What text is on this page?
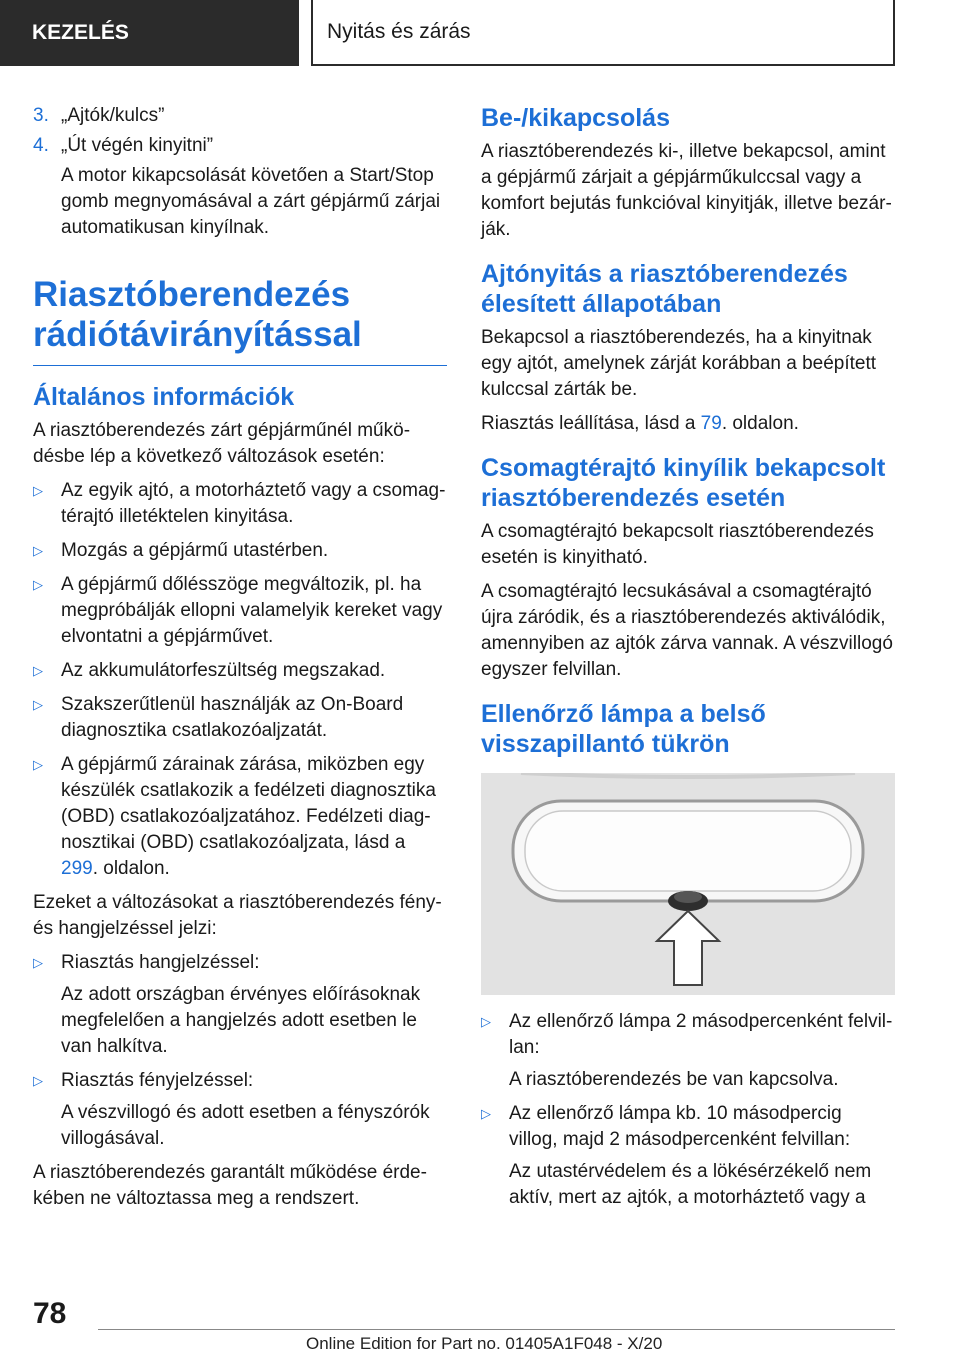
KEZELÉS	Nyitás és zárás
3. „Ajtók/kulcs”
4. „Út végén kinyitni”

A motor kikapcsolását követően a Start/Stop gomb megnyomásával a zárt gépjármű zárjai automatikusan kinyílnak.

Riasztóberendezés rádiótávirányítással
Általános információk

A riasztóberendezés zárt gépjárműnél működésbe lép a következő változások esetén:

▷ Az egyik ajtó, a motorháztető vagy a csomagtérajtó illetéktelen kinyitása.
▷ Mozgás a gépjármű utastérben.
▷ A gépjármű dőlésszöge megváltozik, pl. ha megpróbálják ellopni valamelyik kereket vagy elvontatni a gépjárművet.
▷ Az akkumulátorfeszültség megszakad.
▷ Szakszerűtlenül használják az On-Board diagnosztika csatlakozóaljzatát.
▷ A gépjármű zárainak zárása, miközben egy készülék csatlakozik a fedélzeti diagnosztika (OBD) csatlakozóaljzatához. Fedélzeti diagnosztikai (OBD) csatlakozóaljzata, lásd a 299. oldalon.

Ezeket a változásokat a riasztóberendezés fény- és hangjelzéssel jelzi:

▷ Riasztás hangjelzéssel:
Az adott országban érvényes előírásoknak megfelelően a hangjelzés adott esetben le van halkítva.
▷ Riasztás fényjelzéssel:
A vészvillogó és adott esetben a fényszórók villogásával.

A riasztóberendezés garantált működése érdekében ne változtassa meg a rendszert.

Be-/kikapcsolás

A riasztóberendezés ki-, illetve bekapcsol, amint a gépjármű zárjait a gépjárműkulccsal vagy a komfort bejutás funkcióval kinyitják, illetve bezárják.

Ajtónyitás a riasztóberendezés élesített állapotában

Bekapcsol a riasztóberendezés, ha a kinyitnak egy ajtót, amelynek zárját korábban a beépített kulccsal zárták be.

Riasztás leállítása, lásd a 79. oldalon.

Csomagtérajtó kinyílik bekapcsolt riasztóberendezés esetén

A csomagtérajtó bekapcsolt riasztóberendezés esetén is kinyitható.

A csomagtérajtó lecsukásával a csomagtérajtó újra záródik, és a riasztóberendezés aktiválódik, amennyiben az ajtók zárva vannak. A vészvillogó egyszer felvillan.

Ellenőrző lámpa a belső visszapillantó tükrön
▷ Az ellenőrző lámpa 2 másodpercenként felvillan:
A riasztóberendezés be van kapcsolva.
▷ Az ellenőrző lámpa kb. 10 másodpercig villog, majd 2 másodpercenként felvillan:
Az utastérvédelem és a lökésérzékelő nem aktív, mert az ajtók, a motorháztető vagy a
78
Online Edition for Part no. 01405A1F048 - X/20
